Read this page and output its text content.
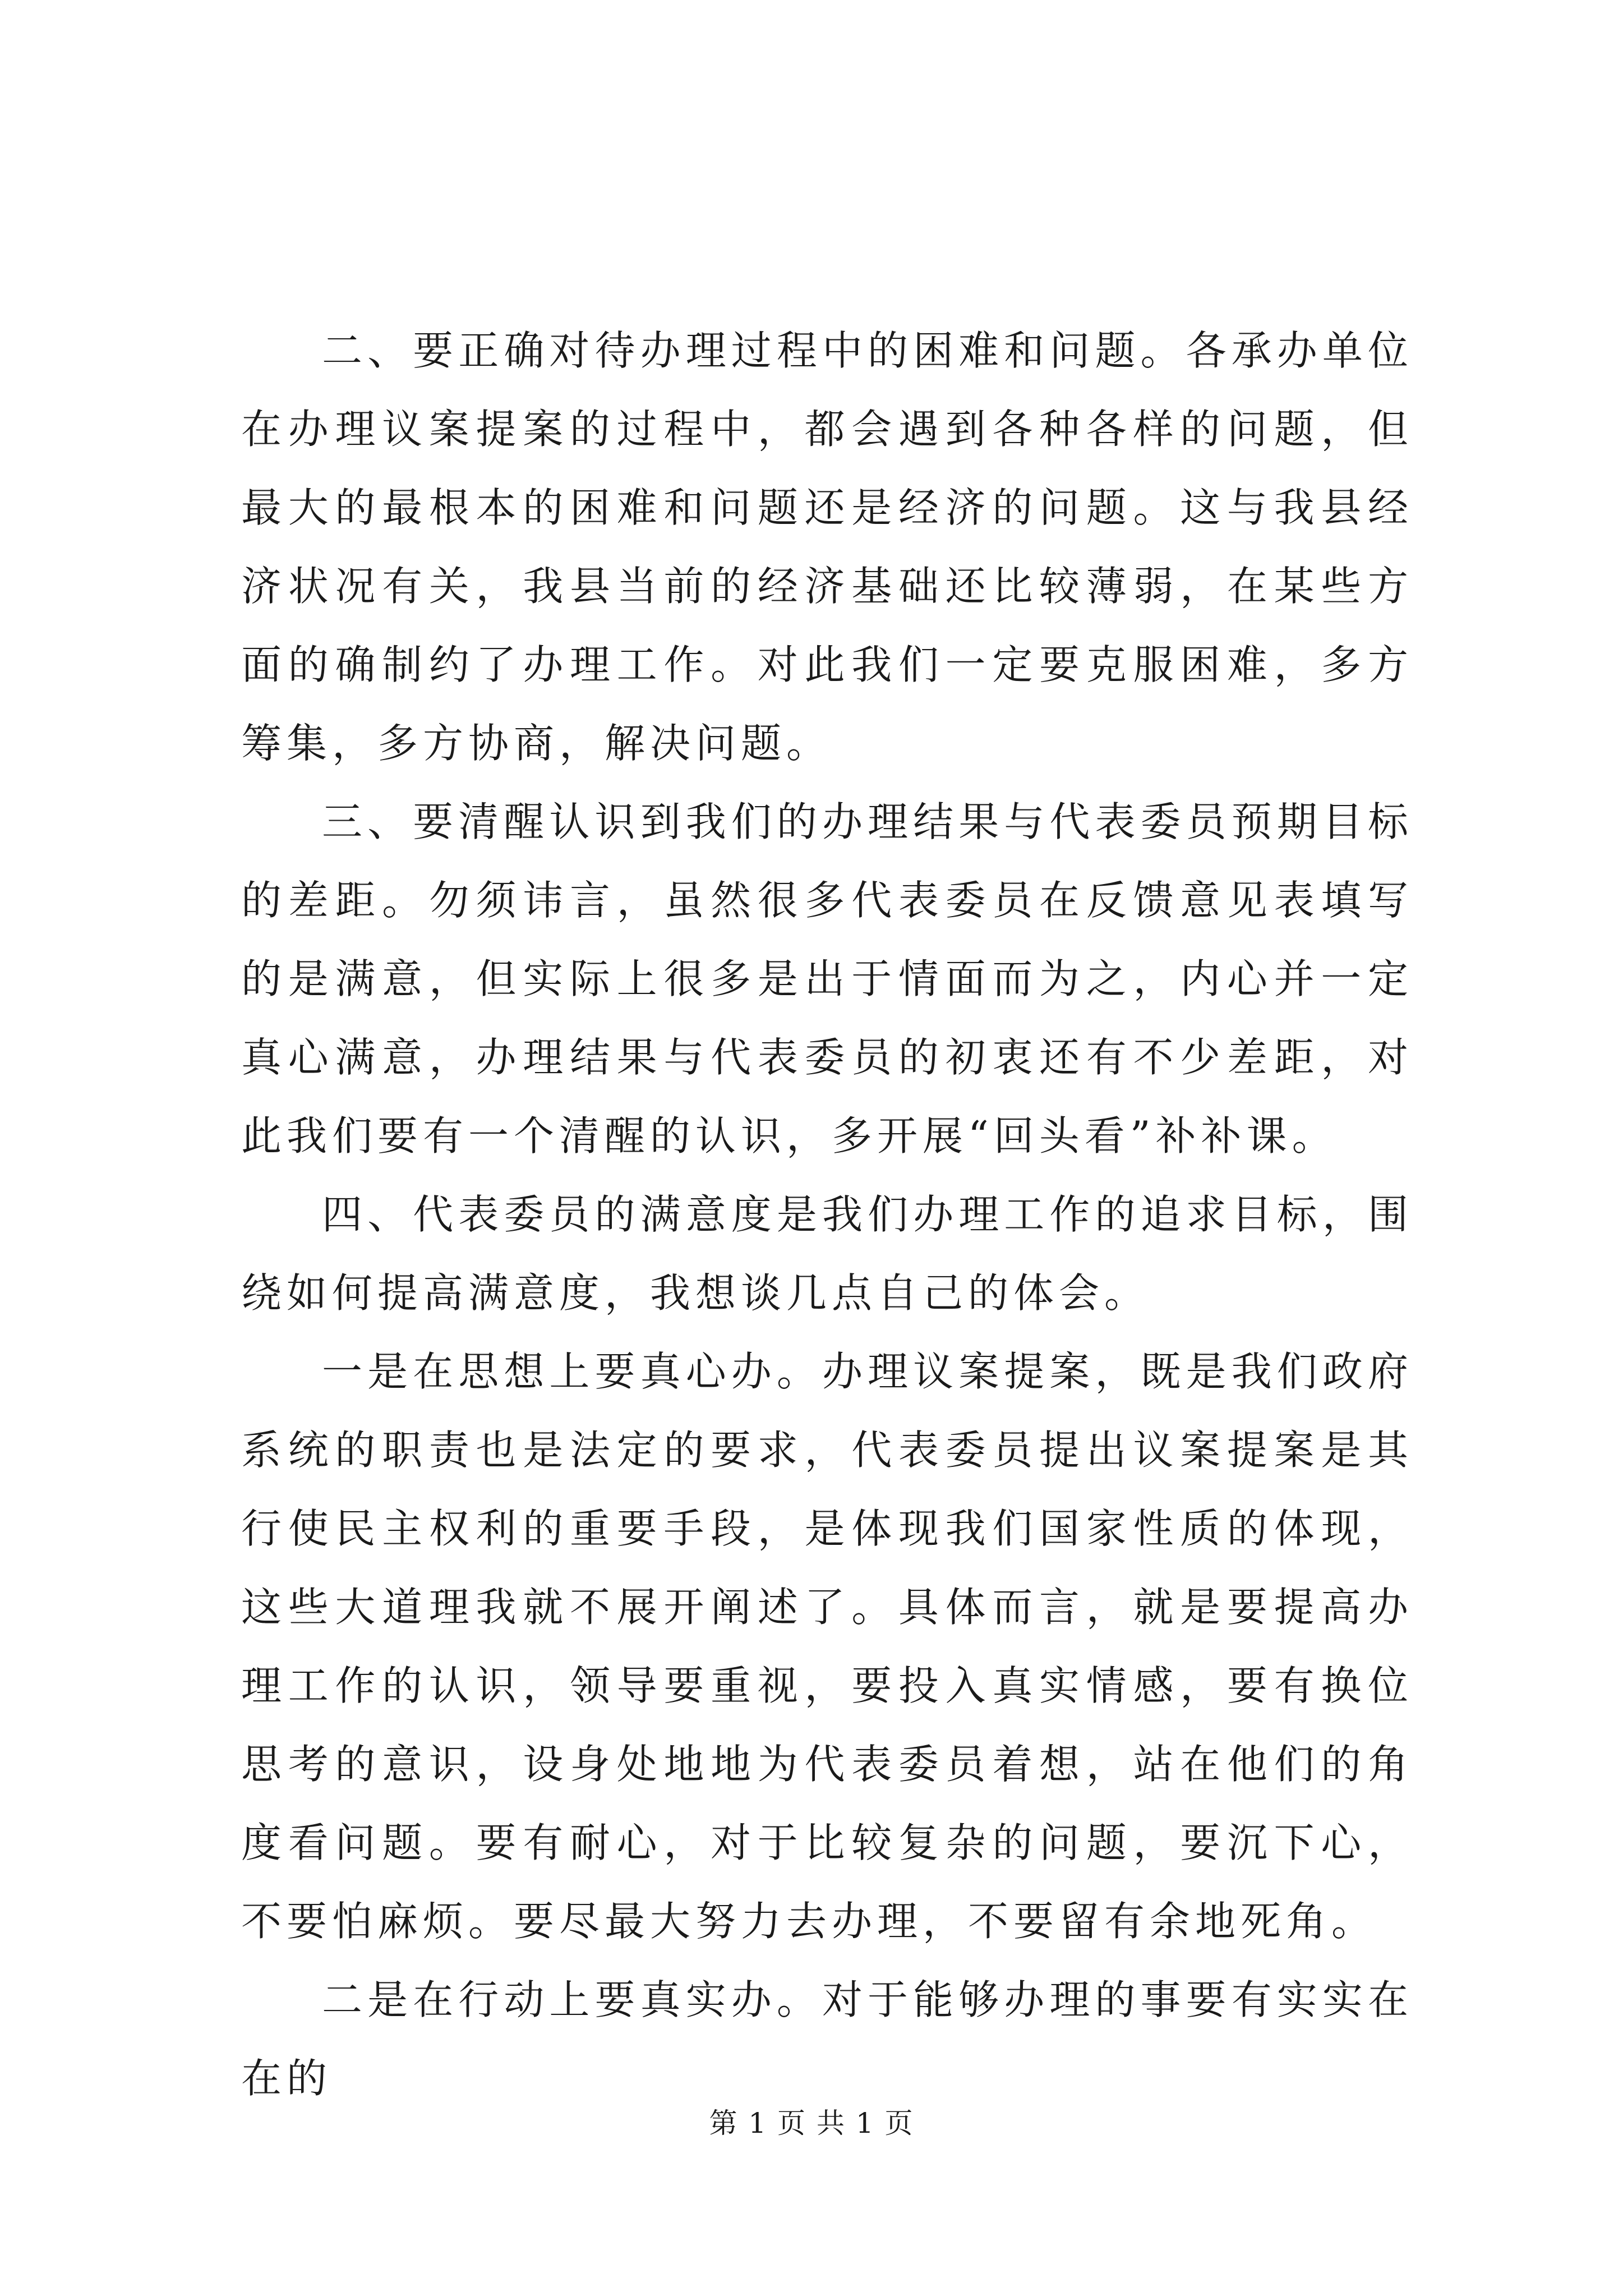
二、要正确对待办理过程中的困难和问题。各承办单位在办理议案提案的过程中，都会遇到各种各样的问题，但最大的最根本的困难和问题还是经济的问题。这与我县经济状况有关，我县当前的经济基础还比较薄弱，在某些方面的确制约了办理工作。对此我们一定要克服困难，多方筹集，多方协商，解决问题。

三、要清醒认识到我们的办理结果与代表委员预期目标的差距。勿须讳言，虽然很多代表委员在反馈意见表填写的是满意，但实际上很多是出于情面而为之，内心并一定真心满意，办理结果与代表委员的初衷还有不少差距，对此我们要有一个清醒的认识，多开展“回头看”补补课。

四、代表委员的满意度是我们办理工作的追求目标，围绕如何提高满意度，我想谈几点自己的体会。

一是在思想上要真心办。办理议案提案，既是我们政府系统的职责也是法定的要求，代表委员提出议案提案是其行使民主权利的重要手段，是体现我们国家性质的体现，这些大道理我就不展开阐述了。具体而言，就是要提高办理工作的认识，领导要重视，要投入真实情感，要有换位思考的意识，设身处地地为代表委员着想，站在他们的角度看问题。要有耐心，对于比较复杂的问题，要沉下心，不要怕麻烦。要尽最大努力去办理，不要留有余地死角。

二是在行动上要真实办。对于能够办理的事要有实实在在的

第 1 页 共 1 页
